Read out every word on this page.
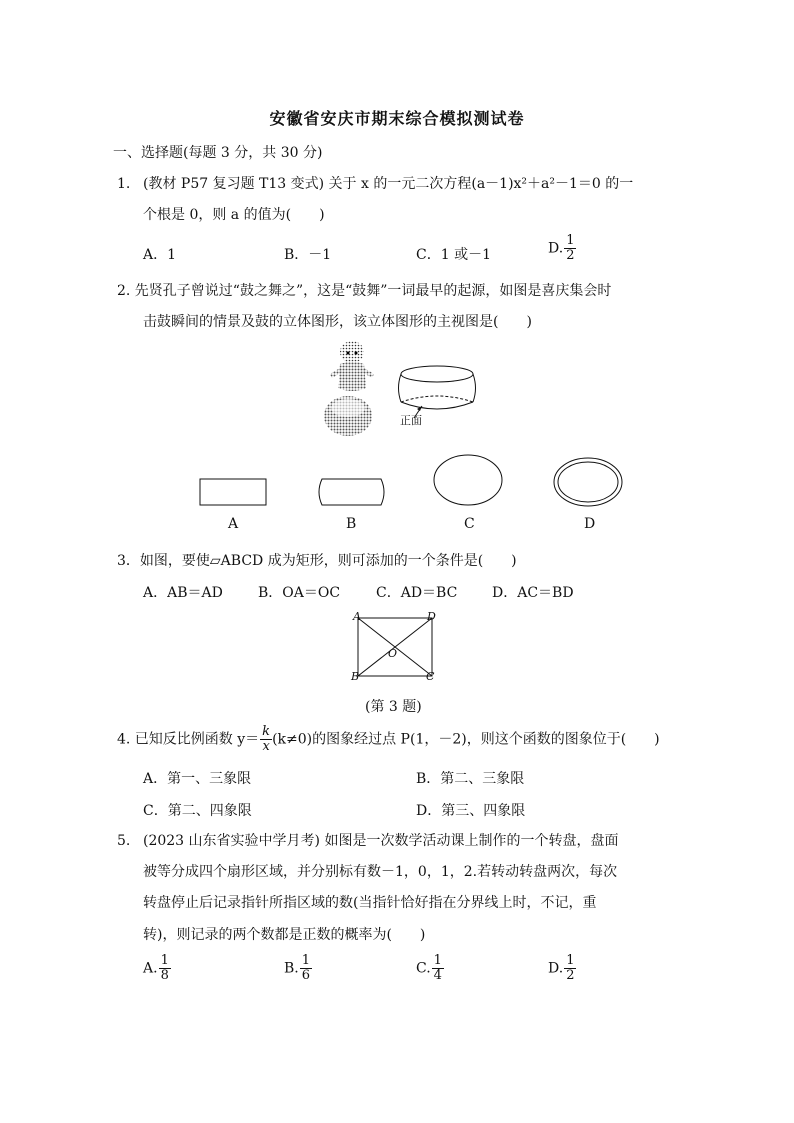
安徽省安庆市期末综合模拟测试卷
一、选择题(每题 3 分，共 30 分)
1. (教材 P57 复习题 T13 变式) 关于 x 的一元二次方程(a－1)x²＋a²－1＝0 的一
个根是 0，则 a 的值为(　　)
A．1	B．－1	C．1 或－1	D. $\frac{1}{2}$
2. 先贤孔子曾说过“鼓之舞之”，这是“鼓舞”一词最早的起源，如图是喜庆集会时
击鼓瞬间的情景及鼓的立体图形，该立体图形的主视图是(　　)
正面
A	B	C	D
3．如图，要使▱ABCD 成为矩形，则可添加的一个条件是(　　)
A．AB＝AD	B．OA＝OC	C．AD＝BC D．AC＝BD
A	D
O
B	C
(第 3 题)
4. 已知反比例函数 $y= \frac{k}{x} (k\ne 0)$的图象经过点 P(1，－2)，则这个函数的图象位于(　　)
A．第一、三象限	B．第二、三象限
C．第二、四象限	D．第三、四象限
5. (2023 山东省实验中学月考) 如图是一次数学活动课上制作的一个转盘，盘面
被等分成四个扇形区域，并分别标有数－1，0，1，2.若转动转盘两次，每次
转盘停止后记录指针所指区域的数(当指针恰好指在分界线上时，不记，重
转)，则记录的两个数都是正数的概率为(　　)
A. $\frac{1}{8}$	B. $\frac{1}{6}$	C. $\frac{1}{4}$	D. $\frac{1}{2}$
